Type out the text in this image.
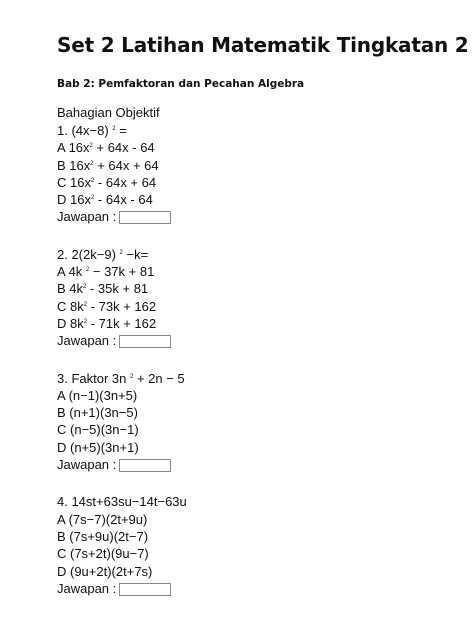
Set 2 Latihan Matematik Tingkatan 2
Bab 2: Pemfaktoran dan Pecahan Algebra
Bahagian Objektif
1. (4x−8) $^2$ =
A $16x^2 + 64x - 64$
B $16x^2 + 64x + 64$
C $16x^2 - 64x + 64$
D $16x^2 - 64x - 64$
Jawapan :
2. 2(2k−9) $^2$ −k=
A 4k $^2$ − 37k + 81
B $4k^2 - 35k + 81$
C $8k^2 - 73k + 162$
D $8k^2 - 71k + 162$
Jawapan :
3. Faktor 3n $^2$ + 2n − 5
A (n−1)(3n+5)
B (n+1)(3n−5)
C (n−5)(3n−1)
D (n+5)(3n+1)
Jawapan :
4. 14st+63su−14t−63u
A (7s−7)(2t+9u)
B (7s+9u)(2t−7)
C (7s+2t)(9u−7)
D (9u+2t)(2t+7s)
Jawapan :
